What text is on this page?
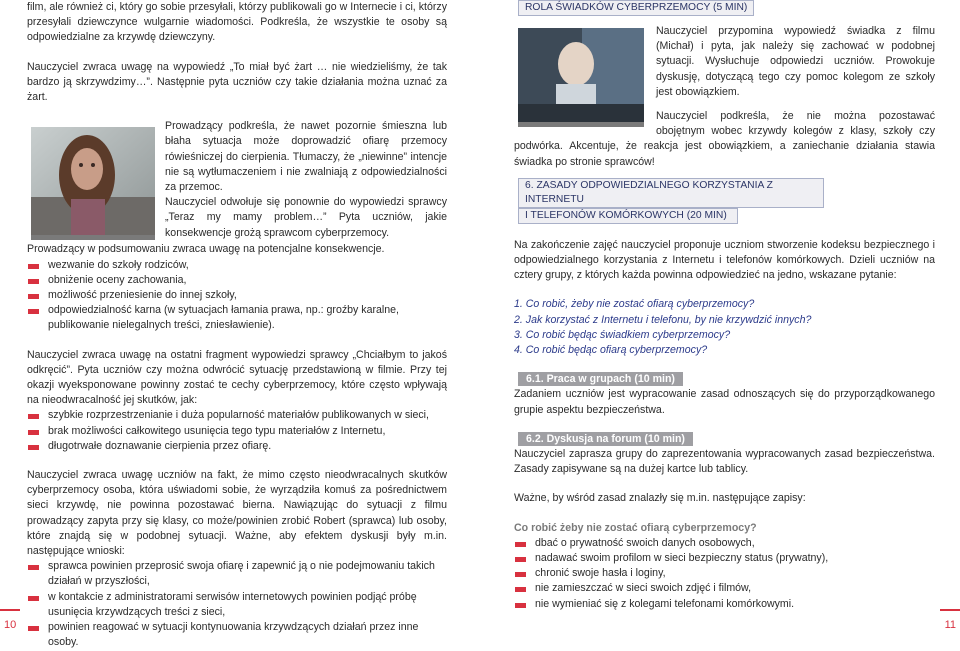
film, ale również ci, który go sobie przesyłali, którzy publikowali go w Internecie i ci, którzy przesyłali dziewczynce wulgarnie wiadomości. Podkreśla, że wszystkie te osoby są odpowiedzialne za krzywdę dziewczyny.

Nauczyciel zwraca uwagę na wypowiedź „To miał być żart … nie wiedzieliśmy, że tak bardzo ją skrzywdzimy…”. Następnie pyta uczniów czy takie działania można uznać za żart.

Prowadzący podkreśla, że nawet pozornie śmieszna lub błaha sytuacja może doprowadzić ofiarę przemocy rówieśniczej do cierpienia. Tłumaczy, że „niewinne” intencje nie są wytłumaczeniem i nie zwalniają z odpowiedzialności za przemoc.

Nauczyciel odwołuje się ponownie do wypowiedzi sprawcy „Teraz my mamy problem…” Pyta uczniów, jakie konsekwencje grożą sprawcom cyberprzemocy.

Prowadzący w podsumowaniu zwraca uwagę na potencjalne konsekwencje.

wezwanie do szkoły rodziców,
obniżenie oceny zachowania,
możliwość przeniesienie do innej szkoły,
odpowiedzialność karna (w sytuacjach łamania prawa, np.: groźby karalne, publikowanie nielegalnych treści, zniesławienie).

Nauczyciel zwraca uwagę na ostatni fragment wypowiedzi sprawcy „Chciałbym to jakoś odkręcić”. Pyta uczniów czy można odwrócić sytuację przedstawioną w filmie. Przy tej okazji wyeksponowane powinny zostać te cechy cyberprzemocy, które często wpływają na nieodwracalność jej skutków, jak:

szybkie rozprzestrzenianie i duża popularność materiałów publikowanych w sieci,
brak możliwości całkowitego usunięcia tego typu materiałów z Internetu,
długotrwałe doznawanie cierpienia przez ofiarę.

Nauczyciel zwraca uwagę uczniów na fakt, że mimo często nieodwracalnych skutków cyberprzemocy osoba, która uświadomi sobie, że wyrządziła komuś za pośrednictwem sieci krzywdę, nie powinna pozostawać bierna. Nawiązując do sytuacji z filmu prowadzący zapyta przy się klasy, co może/powinien zrobić Robert (sprawca) lub osoby, które znajdą się w podobnej sytuacji. Ważne, aby efektem dyskusji były m.in. następujące wnioski:

sprawca powinien przeprosić swoja ofiarę i zapewnić ją o nie podejmowaniu takich działań w przyszłości,
w kontakcie z administratorami serwisów internetowych powinien podjąć próbę usunięcia krzywdzących treści z sieci,
powinien reagować w sytuacji kontynuowania krzywdzących działań przez inne osoby.
ROLA ŚWIADKÓW CYBERPRZEMOCY (5 MIN)

Nauczyciel przypomina wypowiedź świadka z filmu (Michał) i pyta, jak należy się zachować w podobnej sytuacji. Wysłuchuje odpowiedzi uczniów. Prowokuje dyskusję, dotyczącą tego czy pomoc kolegom ze szkoły jest obowiązkiem.

Nauczyciel podkreśla, że nie można pozostawać obojętnym wobec krzywdy kolegów z klasy, szkoły czy podwórka. Akcentuje, że reakcja jest obowiązkiem, a zaniechanie działania stawia świadka po stronie sprawców!

6. ZASADY ODPOWIEDZIALNEGO KORZYSTANIA Z INTERNETU
I TELEFONÓW KOMÓRKOWYCH (20 MIN)

Na zakończenie zajęć nauczyciel proponuje uczniom stworzenie kodeksu bezpiecznego i odpowiedzialnego korzystania z Internetu i telefonów komórkowych. Dzieli uczniów na cztery grupy, z których każda powinna odpowiedzieć na jedno, wskazane pytanie:

1. Co robić, żeby nie zostać ofiarą cyberprzemocy?
2. Jak korzystać z Internetu i telefonu, by nie krzywdzić innych?
3. Co robić będąc świadkiem cyberprzemocy?
4. Co robić będąc ofiarą cyberprzemocy?
6.1. Praca w grupach (10 min)

Zadaniem uczniów jest wypracowanie zasad odnoszących się do przyporządkowanego grupie aspektu bezpieczeństwa.

6.2. Dyskusja na forum (10 min)

Nauczyciel zaprasza grupy do zaprezentowania wypracowanych zasad bezpieczeństwa. Zasady zapisywane są na dużej kartce lub tablicy.

Ważne, by wśród zasad znalazły się m.in. następujące zapisy:

Co robić żeby nie zostać ofiarą cyberprzemocy?

dbać o prywatność swoich danych osobowych,
nadawać swoim profilom w sieci bezpieczny status (prywatny),
chronić swoje hasła i loginy,
nie zamieszczać w sieci swoich zdjęć i filmów,
nie wymieniać się z kolegami telefonami komórkowymi.
10	11
